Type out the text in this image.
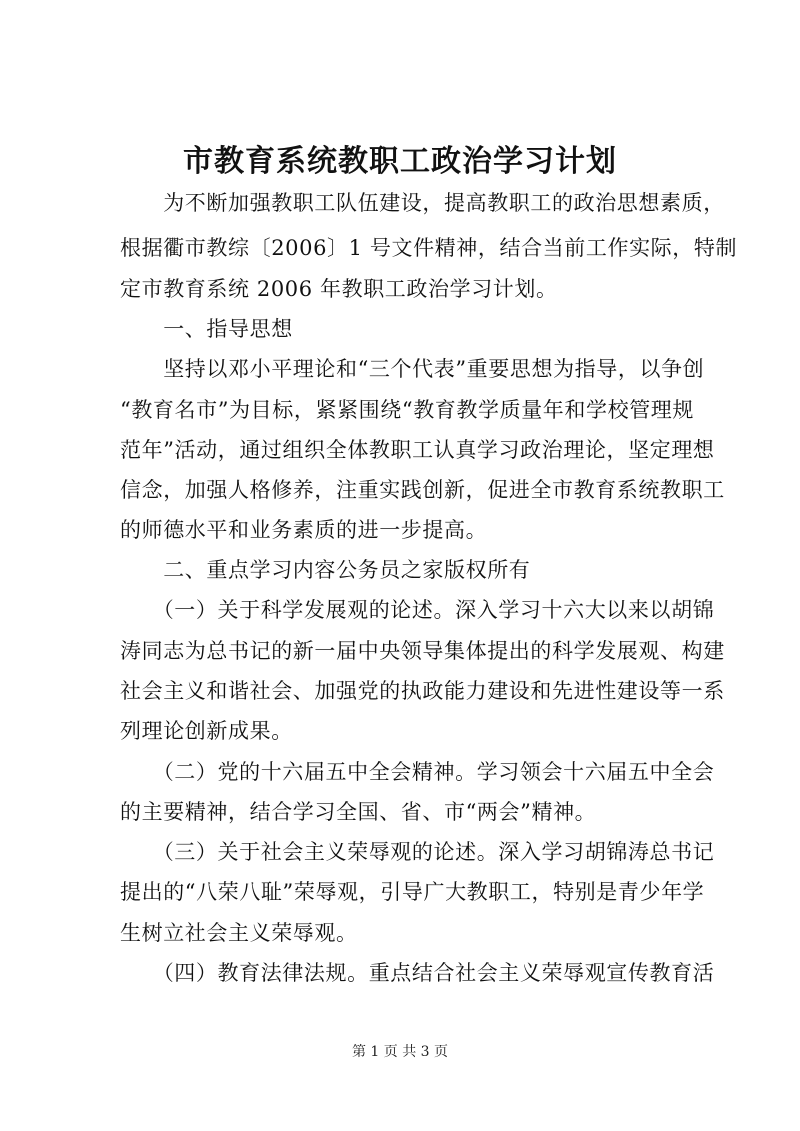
市教育系统教职工政治学习计划
　　为不断加强教职工队伍建设，提高教职工的政治思想素质，
根据衢市教综〔2006〕1 号文件精神，结合当前工作实际，特制
定市教育系统 2006 年教职工政治学习计划。
　　一、指导思想
　　坚持以邓小平理论和“三个代表”重要思想为指导，以争创
“教育名市”为目标，紧紧围绕“教育教学质量年和学校管理规
范年”活动，通过组织全体教职工认真学习政治理论，坚定理想
信念，加强人格修养，注重实践创新，促进全市教育系统教职工
的师德水平和业务素质的进一步提高。
　　二、重点学习内容公务员之家版权所有
　　（一）关于科学发展观的论述。深入学习十六大以来以胡锦
涛同志为总书记的新一届中央领导集体提出的科学发展观、构建
社会主义和谐社会、加强党的执政能力建设和先进性建设等一系
列理论创新成果。
　　（二）党的十六届五中全会精神。学习领会十六届五中全会
的主要精神，结合学习全国、省、市“两会”精神。
　　（三）关于社会主义荣辱观的论述。深入学习胡锦涛总书记
提出的“八荣八耻”荣辱观，引导广大教职工，特别是青少年学
生树立社会主义荣辱观。
　　（四）教育法律法规。重点结合社会主义荣辱观宣传教育活
第 1 页 共 3 页
